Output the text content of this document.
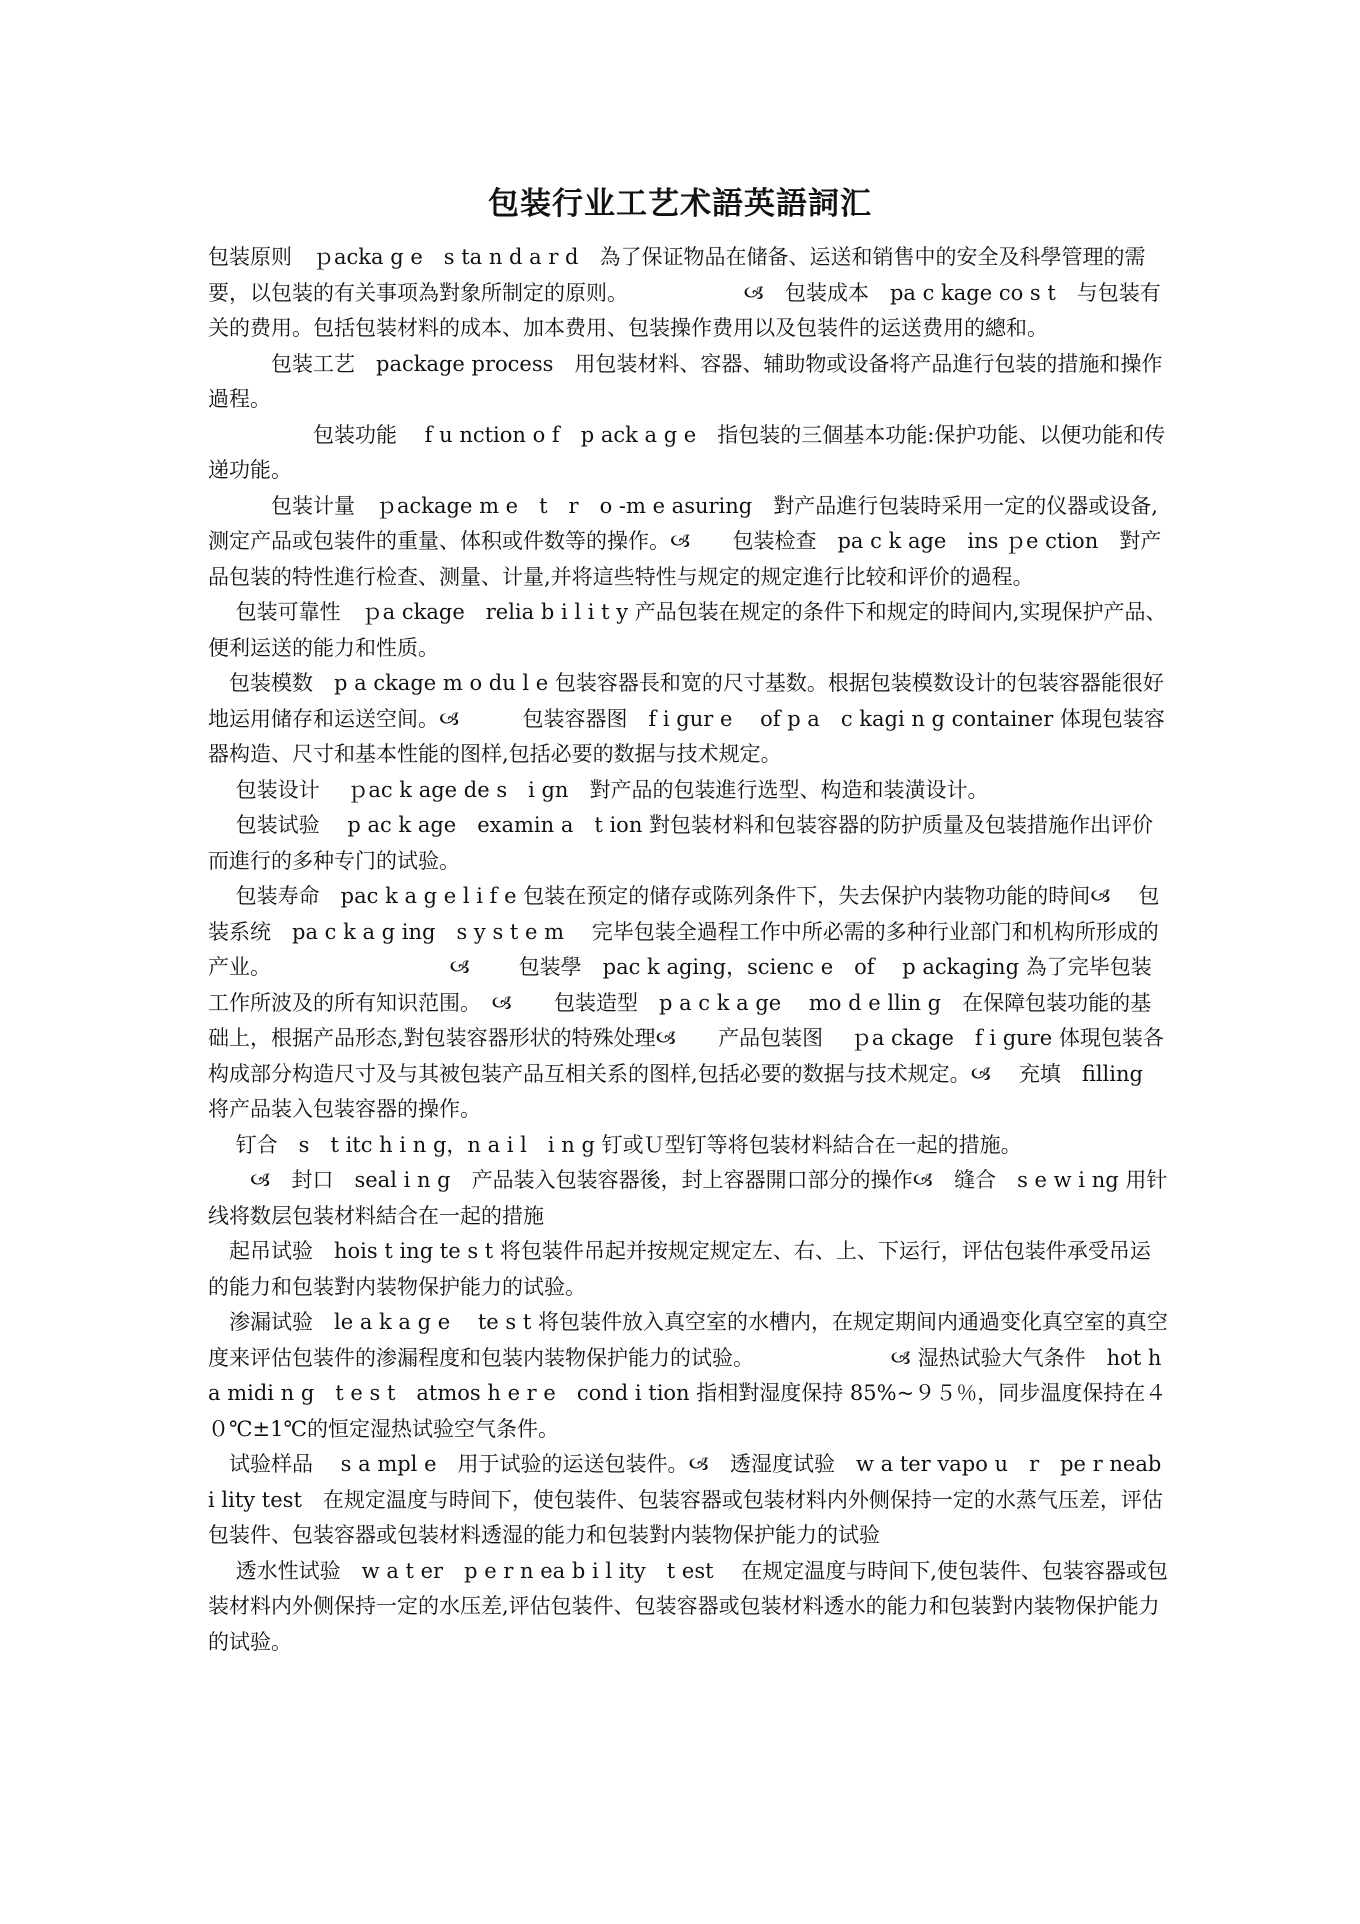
包装行业工艺术語英語詞汇

包装原则　ｐacka g e　s ta n d a r d　為了保证物品在储备、运送和销售中的安全及科學管理的需要，以包装的有关事项為對象所制定的原则。　　　　　　🙢　包装成本　pa c kage co s t　与包装有关的费用。包括包装材料的成本、加本费用、包装操作费用以及包装件的运送费用的總和。

　　　包装工艺　package process　用包装材料、容器、辅助物或设备将产品進行包装的措施和操作過程。

　　　　　包装功能　 f u nction o f　p ack a g e　指包装的三個基本功能:保护功能、以便功能和传递功能。

　　　包装计量　ｐackage m e　t　r　o -m e asuring　對产品進行包装時采用一定的仪器或设备,测定产品或包装件的重量、体积或件数等的操作。🙢　　包装检查　pa c k age　ins ｐe ction　對产品包装的特性進行检查、测量、计量,并将這些特性与规定的规定進行比较和评价的過程。

　 包装可靠性　ｐa ckage　relia b i l i t y 产品包装在规定的条件下和规定的時间内,实現保护产品、便利运送的能力和性质。

　包装模数　p a ckage m o du l e 包装容器長和宽的尺寸基数。根据包装模数设计的包装容器能很好地运用储存和运送空间。🙢　　　包装容器图　f i gur e　 of p a　c kagi n g container 体現包装容器构造、尺寸和基本性能的图样,包括必要的数据与技术规定。

　 包装设计　 ｐac k age de s　i gn　對产品的包装進行选型、构造和装潢设计。

　 包装试验　 p ac k age　examin a　t ion 對包装材料和包装容器的防护质量及包装措施作出评价而進行的多种专门的试验。

　 包装寿命　pac k a g e l i f e 包装在预定的储存或陈列条件下，失去保护内装物功能的時间🙢　 包装系统　pa c k a g ing　s y s t e m　 完毕包装全過程工作中所必需的多种行业部门和机构所形成的产业。　　　　　　　　　🙢　　 包装學　pac k aging，scienc e　of　 p ackaging 為了完毕包装工作所波及的所有知识范围。　🙢　　包装造型　p a c k a ge　 mo d e llin g　在保障包装功能的基础上，根据产品形态,對包装容器形状的特殊处理🙢　　产品包装图　 ｐa ckage　f i gure 体現包装各构成部分构造尺寸及与其被包装产品互相关系的图样,包括必要的数据与技术规定。🙢　 充填　filling 将产品装入包装容器的操作。

　 钉合　s　t itc h i n g，n a i l　i n g 钉或Ｕ型钉等将包装材料結合在一起的措施。

　　🙢　封口　seal i n g　产品装入包装容器後，封上容器開口部分的操作🙢　缝合　s e w i ng 用针线将数层包装材料結合在一起的措施

　起吊试验　hois t ing te s t 将包装件吊起并按规定规定左、右、上、下运行，评估包装件承受吊运的能力和包装對内装物保护能力的试验。

　渗漏试验　le a k a g e　 te s t 将包装件放入真空室的水槽内，在规定期间内通過变化真空室的真空度来评估包装件的渗漏程度和包装内装物保护能力的试验。　　　　　　　🙢 湿热试验大气条件　hot ha midi n g　t e s t　atmos h e r e　cond i tion 指相對湿度保持 85%~９５％，同步温度保持在４０℃±1℃的恒定湿热试验空气条件。

　试验样品　 s a mpl e　用于试验的运送包装件。🙢　透湿度试验　w a ter vapo u　r　pe r neab i lity test　在规定温度与時间下，使包装件、包装容器或包装材料内外侧保持一定的水蒸气压差，评估包装件、包装容器或包装材料透湿的能力和包装對内装物保护能力的试验

　 透水性试验　w a t er　p e r n ea b i l ity　t est　 在规定温度与時间下,使包装件、包装容器或包装材料内外侧保持一定的水压差,评估包装件、包装容器或包装材料透水的能力和包装對内装物保护能力的试验。
